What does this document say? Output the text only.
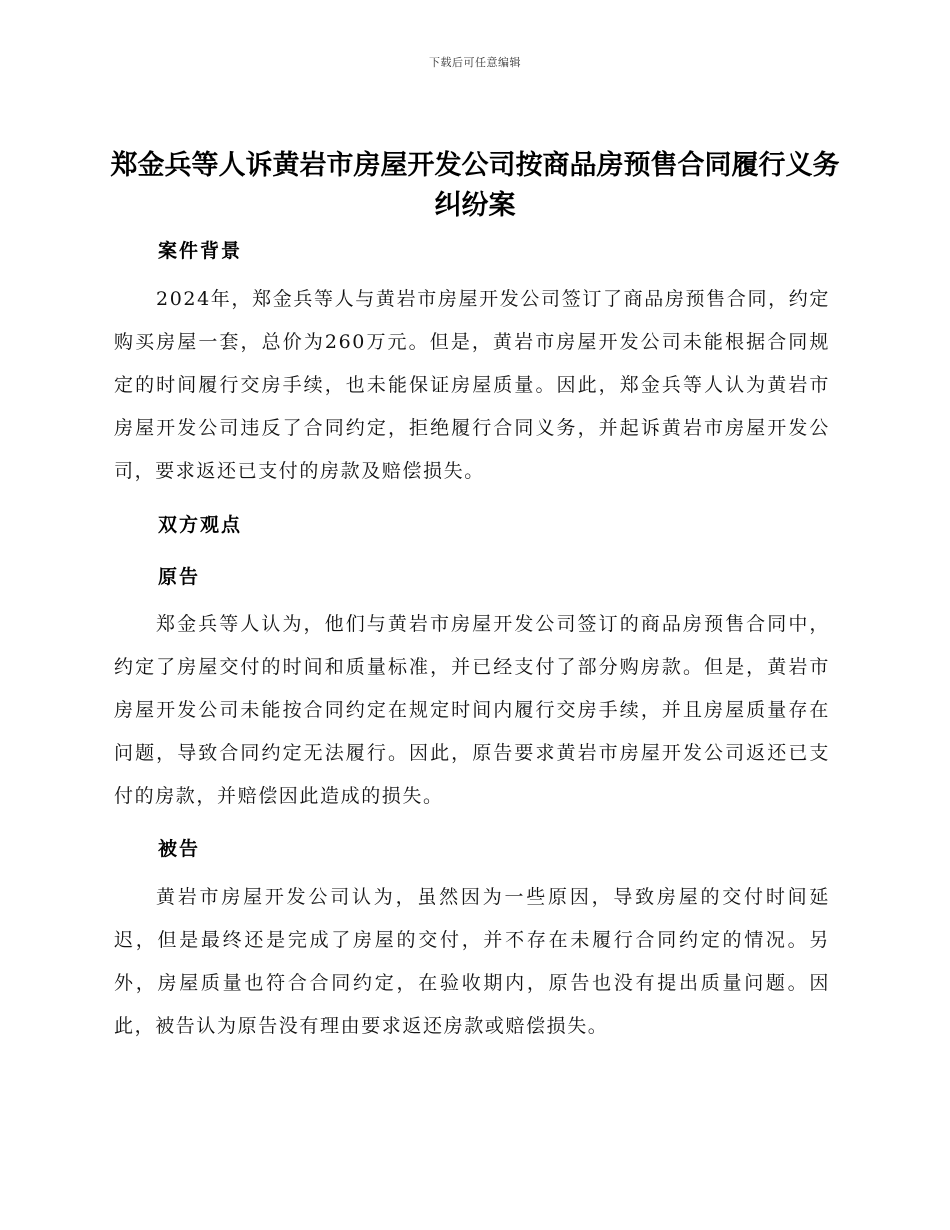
下载后可任意编辑
郑金兵等人诉黄岩市房屋开发公司按商品房预售合同履行义务纠纷案
案件背景

2024年，郑金兵等人与黄岩市房屋开发公司签订了商品房预售合同，约定购买房屋一套，总价为260万元。但是，黄岩市房屋开发公司未能根据合同规定的时间履行交房手续，也未能保证房屋质量。因此，郑金兵等人认为黄岩市房屋开发公司违反了合同约定，拒绝履行合同义务，并起诉黄岩市房屋开发公司，要求返还已支付的房款及赔偿损失。

双方观点
原告

郑金兵等人认为，他们与黄岩市房屋开发公司签订的商品房预售合同中，约定了房屋交付的时间和质量标准，并已经支付了部分购房款。但是，黄岩市房屋开发公司未能按合同约定在规定时间内履行交房手续，并且房屋质量存在问题，导致合同约定无法履行。因此，原告要求黄岩市房屋开发公司返还已支付的房款，并赔偿因此造成的损失。

被告

黄岩市房屋开发公司认为，虽然因为一些原因，导致房屋的交付时间延迟，但是最终还是完成了房屋的交付，并不存在未履行合同约定的情况。另外，房屋质量也符合合同约定，在验收期内，原告也没有提出质量问题。因此，被告认为原告没有理由要求返还房款或赔偿损失。
